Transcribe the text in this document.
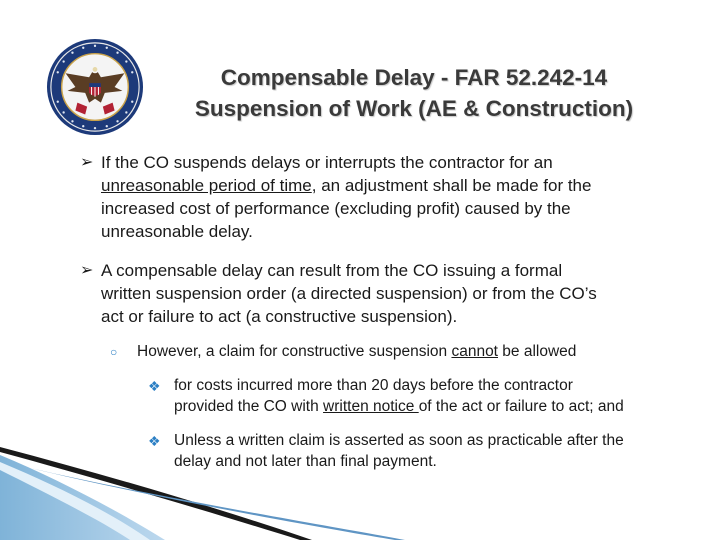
Compensable Delay - FAR 52.242-14
Suspension of Work (AE & Construction)
➢ If the CO suspends delays or interrupts the contractor for an
unreasonable period of time, an adjustment shall be made for the
increased cost of performance (excluding profit) caused by the
unreasonable delay.
➢ A compensable delay can result from the CO issuing a formal
written suspension order (a directed suspension) or from the CO’s
act or failure to act (a constructive suspension).
○ However, a claim for constructive suspension cannot be allowed
❖ for costs incurred more than 20 days before the contractor
provided the CO with written notice of the act or failure to act; and
❖ Unless a written claim is asserted as soon as practicable after the
delay and not later than final payment.
